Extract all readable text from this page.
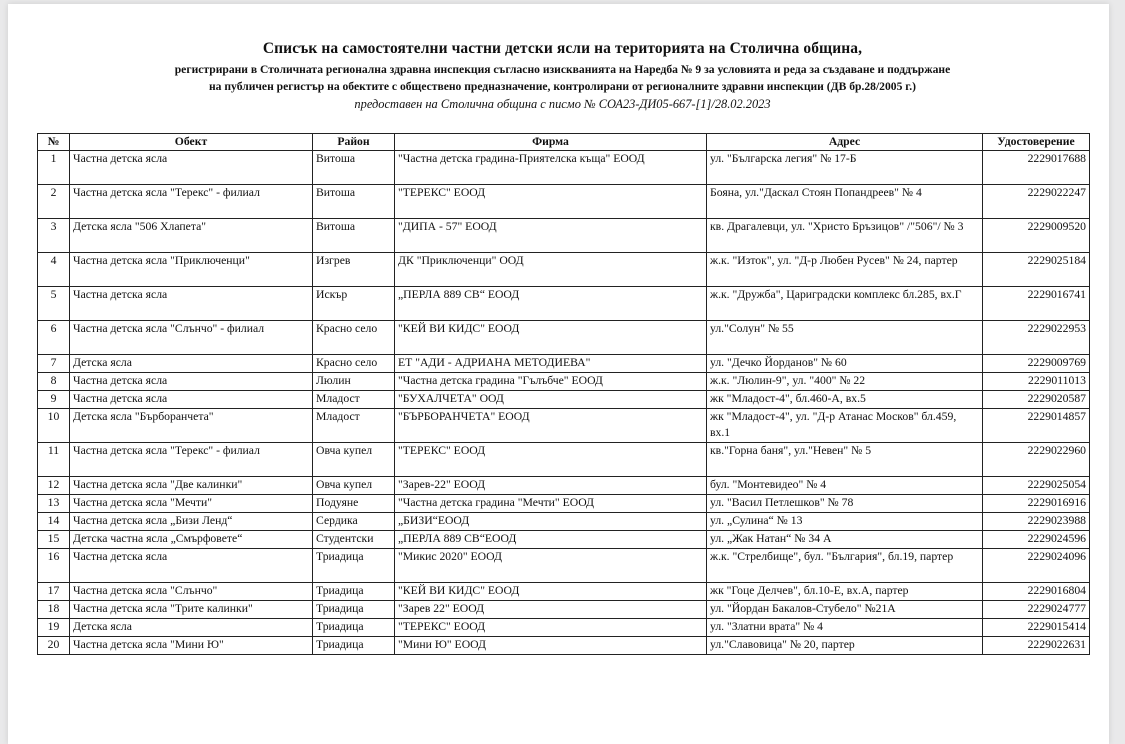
Списък на самостоятелни частни детски ясли на територията на Столична община,
регистрирани в Столичната регионална здравна инспекция съгласно изискванията на Наредба № 9 за условията и реда за създаване и поддържане
на публичен регистър на обектите с обществено предназначение, контролирани от регионалните здравни инспекции (ДВ бр.28/2005 г.)
предоставен на Столична община с писмо № СОА23-ДИ05-667-[1]/28.02.2023
№	Обект	Район	Фирма	Адрес	Удостоверение
1	Частна детска ясла	Витоша	"Частна детска градина-Приятелска къща" ЕООД	ул. "Българска легия" № 17-Б	2229017688
2	Частна детска ясла "Терекс" - филиал	Витоша	"ТЕРЕКС" ЕООД	Бояна, ул."Даскал Стоян Попандреев" № 4	2229022247
3	Детска ясла "506 Хлапета"	Витоша	"ДИПА - 57" ЕООД	кв. Драгалевци, ул. "Христо Бръзицов" /"506"/ № 3	2229009520
4	Частна детска ясла "Приключенци"	Изгрев	ДК "Приключенци" ООД	ж.к. "Изток", ул. "Д-р Любен Русев" № 24, партер	2229025184
5	Частна детска ясла	Искър	„ПЕРЛА 889 СВ“ ЕООД	ж.к. "Дружба", Цариградски комплекс бл.285, вх.Г	2229016741
6	Частна детска ясла "Слънчо" - филиал	Красно село	"КЕЙ ВИ КИДС" ЕООД	ул."Солун" № 55	2229022953
7	Детска ясла	Красно село	ЕТ "АДИ - АДРИАНА МЕТОДИЕВА"	ул. "Дечко Йорданов" № 60	2229009769
8	Частна детска ясла	Люлин	"Частна детска градина "Гълъбче" ЕООД	ж.к. "Люлин-9", ул. "400" № 22	2229011013
9	Частна детска ясла	Младост	"БУХАЛЧЕТА" ООД	жк "Младост-4", бл.460-А, вх.5	2229020587
10	Детска ясла "Бърборанчета"	Младост	"БЪРБОРАНЧЕТА" ЕООД	жк "Младост-4", ул. "Д-р Атанас Москов" бл.459, вх.1	2229014857
11	Частна детска ясла "Терекс" - филиал	Овча купел	"ТЕРЕКС" ЕООД	кв."Горна баня", ул."Невен" № 5	2229022960
12	Частна детска ясла "Две калинки"	Овча купел	"Зарев-22" ЕООД	бул. "Монтевидео" № 4	2229025054
13	Частна детска ясла "Мечти"	Подуяне	"Частна детска градина "Мечти" ЕООД	ул. "Васил Петлешков" № 78	2229016916
14	Частна детска ясла „Бизи Ленд“	Сердика	„БИЗИ“ЕООД	ул. „Сулина“ № 13	2229023988
15	Детска частна ясла „Смърфовете“	Студентски	„ПЕРЛА 889 СВ“ЕООД	ул. „Жак Натан“ № 34 А	2229024596
16	Частна детска ясла	Триадица	"Микис 2020" ЕООД	ж.к. "Стрелбище", бул. "България", бл.19, партер	2229024096
17	Частна детска ясла "Слънчо"	Триадица	"КЕЙ ВИ КИДС" ЕООД	жк "Гоце Делчев", бл.10-Е, вх.А, партер	2229016804
18	Частна детска ясла "Трите калинки"	Триадица	"Зарев 22" ЕООД	ул. "Йордан Бакалов-Стубело" №21А	2229024777
19	Детска ясла	Триадица	"ТЕРЕКС" ЕООД	ул. "Златни врата" № 4	2229015414
20	Частна детска ясла "Мини Ю"	Триадица	"Мини Ю" ЕООД	ул."Славовица" № 20, партер	2229022631
